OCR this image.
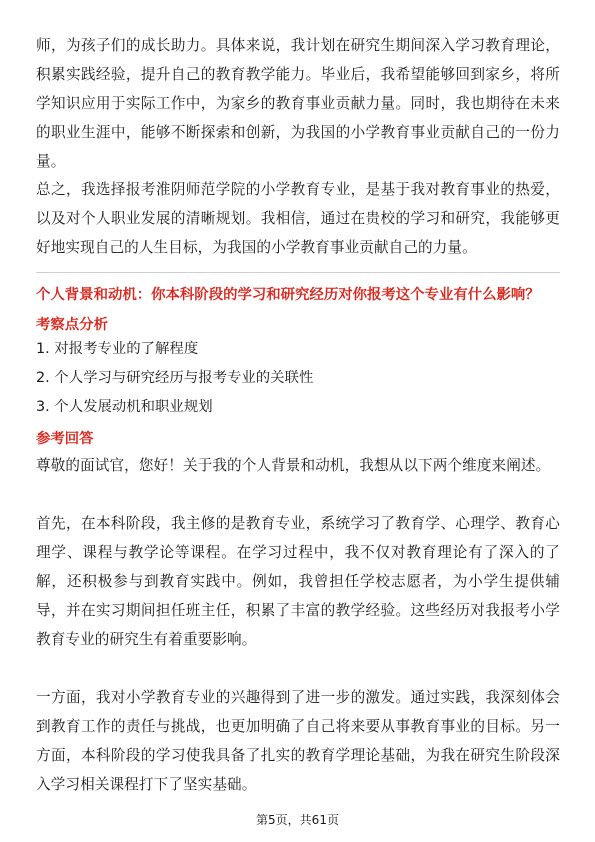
师，为孩子们的成长助力。具体来说，我计划在研究生期间深入学习教育理论，积累实践经验，提升自己的教育教学能力。毕业后，我希望能够回到家乡，将所学知识应用于实际工作中，为家乡的教育事业贡献力量。同时，我也期待在未来的职业生涯中，能够不断探索和创新，为我国的小学教育事业贡献自己的一份力量。

总之，我选择报考淮阴师范学院的小学教育专业，是基于我对教育事业的热爱，以及对个人职业发展的清晰规划。我相信，通过在贵校的学习和研究，我能够更好地实现自己的人生目标，为我国的小学教育事业贡献自己的力量。

个人背景和动机：你本科阶段的学习和研究经历对你报考这个专业有什么影响？

考察点分析

1. 对报考专业的了解程度

2. 个人学习与研究经历与报考专业的关联性

3. 个人发展动机和职业规划

参考回答

尊敬的面试官，您好！关于我的个人背景和动机，我想从以下两个维度来阐述。

首先，在本科阶段，我主修的是教育专业，系统学习了教育学、心理学、教育心理学、课程与教学论等课程。在学习过程中，我不仅对教育理论有了深入的了解，还积极参与到教育实践中。例如，我曾担任学校志愿者，为小学生提供辅导，并在实习期间担任班主任，积累了丰富的教学经验。这些经历对我报考小学教育专业的研究生有着重要影响。

一方面，我对小学教育专业的兴趣得到了进一步的激发。通过实践，我深刻体会到教育工作的责任与挑战，也更加明确了自己将来要从事教育事业的目标。另一方面，本科阶段的学习使我具备了扎实的教育学理论基础，为我在研究生阶段深入学习相关课程打下了坚实基础。

第5页，共61页
